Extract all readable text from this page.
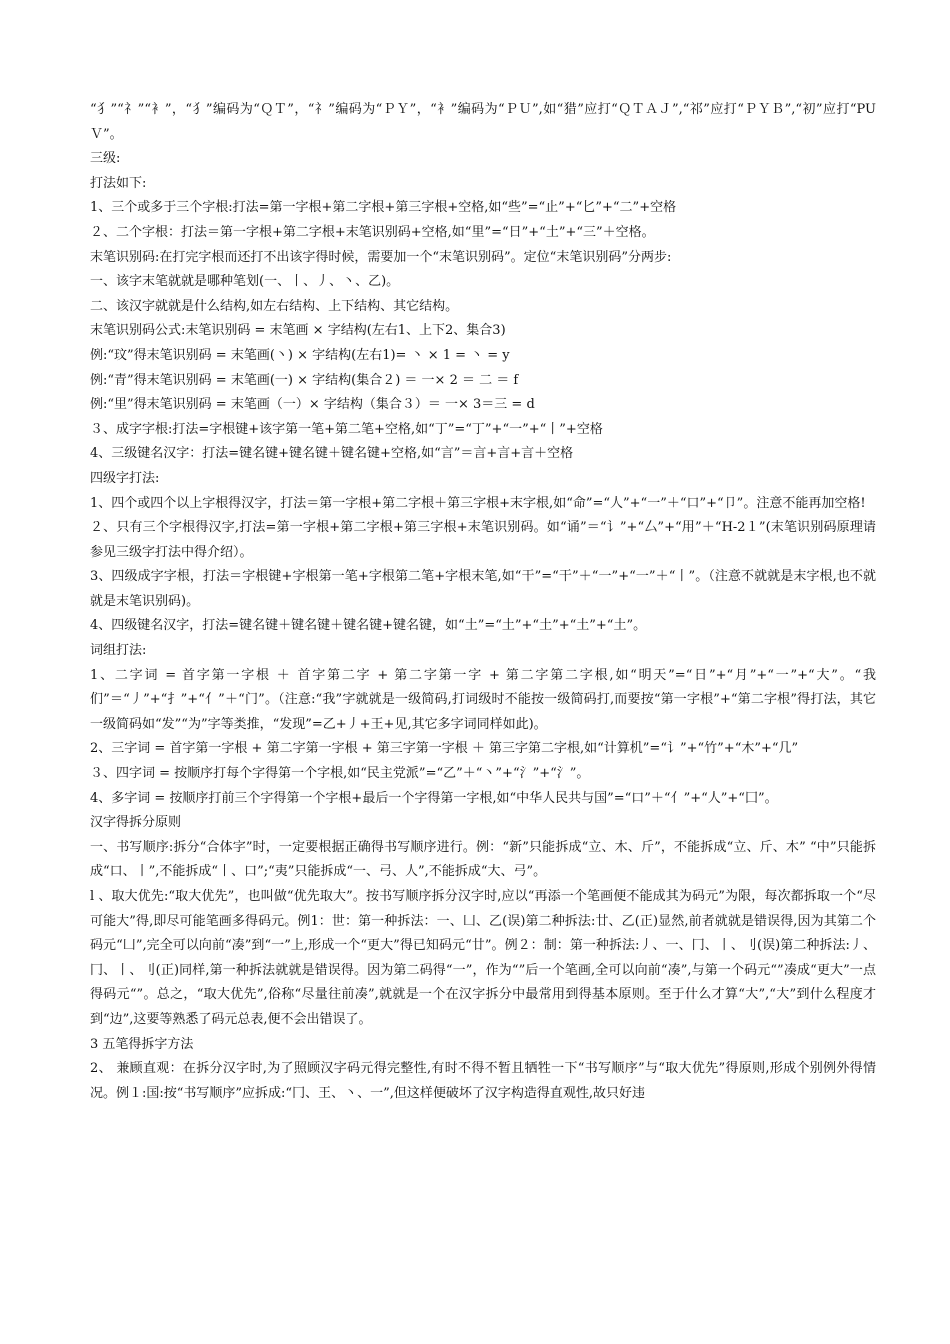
“犭”“礻”“衤”，“犭”编码为“ＱＴ”，“礻”编码为“ＰＹ”，“衤”编码为“ＰＵ”,如“猎”应打“ＱＴＡＪ”,“祁”应打“ＰＹＢ”,“初”应打“PUＶ”。

三级:

打法如下:

1、三个或多于三个字根:打法=第一字根+第二字根+第三字根+空格,如“些”=“止”+“匕”+“二”+空格

２、二个字根：打法＝第一字根+第二字根+末笔识别码+空格,如“里”=“日”+“土”+“三”＋空格。

末笔识别码:在打完字根而还打不出该字得时候，需要加一个“末笔识别码”。定位“末笔识别码”分两步:

一、该字末笔就就是哪种笔划(一、丨、丿、丶、乙)。

二、该汉字就就是什么结构,如左右结构、上下结构、其它结构。

末笔识别码公式:末笔识别码 = 末笔画 × 字结构(左右1、上下2、集合3)

例:“玟”得末笔识别码 = 末笔画(丶) × 字结构(左右1)= 丶 × 1 = 丶 = y

例:“青”得末笔识别码 = 末笔画(一) × 字结构(集合２) ＝ 一× 2 ＝ 二 ＝ f

例:“里”得末笔识别码 = 末笔画（一）× 字结构（集合３）＝ 一× 3＝三 = d

３、成字字根:打法=字根键+该字第一笔+第二笔+空格,如“丁”=“丁”+“一”+“丨”+空格

4、三级键名汉字：打法=键名键+键名键＋键名键+空格,如“言”＝言+言+言＋空格

四级字打法:

1、四个或四个以上字根得汉字，打法＝第一字根+第二字根＋第三字根+末字根,如“命”=“人”+“一”＋“口”+“卩”。注意不能再加空格!

２、只有三个字根得汉字,打法=第一字根+第二字根+第三字根+末笔识别码。如“诵”＝“讠”+“厶”+“用”＋“H-2１”(末笔识别码原理请参见三级字打法中得介绍）。

3、四级成字字根，打法＝字根键+字根第一笔+字根第二笔+字根末笔,如“干”=“干”＋“一”+“一”＋“丨”。（注意不就就是末字根,也不就就是末笔识别码)。

4、四级键名汉字，打法=键名键＋键名键＋键名键+键名键，如“土”=“土”+“土”+“土”+“土”。

词组打法:

1、二字词 = 首字第一字根 ＋ 首字第二字 + 第二字第一字 + 第二字第二字根,如“明天”=“日”+“月”+“一”+“大”。“我们”＝“丿”+“扌”+“亻”＋“门”。（注意:“我”字就就是一级简码,打词级时不能按一级简码打,而要按“第一字根”+“第二字根”得打法，其它一级简码如“发”“为”字等类推，“发现”=乙+丿+王+见,其它多字词同样如此)。

2、三字词 = 首字第一字根 + 第二字第一字根 + 第三字第一字根 ＋ 第三字第二字根,如“计算机”=“讠”+“竹”+“木”+“几”

３、四字词 = 按顺序打每个字得第一个字根,如“民主党派”=“乙”＋“丶”+“氵”+“氵”。

4、多字词 = 按顺序打前三个字得第一个字根+最后一个字得第一字根,如“中华人民共与国”=“口”＋“亻”+“人”+“囗”。

汉字得拆分原则

一、书写顺序:拆分“合体字”时，一定要根据正确得书写顺序进行。例：“新”只能拆成“立、木、斤”，不能拆成“立、斤、木” “中”只能拆成“口、丨”,不能拆成“丨、口”;“夷”只能拆成“一、弓、人”,不能拆成“大、弓”。

l 、取大优先:“取大优先”，也叫做“优先取大”。按书写顺序拆分汉字时,应以“再添一个笔画便不能成其为码元”为限，每次都拆取一个“尽可能大”得,即尽可能笔画多得码元。例1：世：第一种拆法：一、凵、乙(误)第二种拆法:廿、乙(正)显然,前者就就是错误得,因为其第二个码元“凵”,完全可以向前“凑”到“一”上,形成一个“更大”得已知码元“廿”。例２：制：第一种拆法:丿、一、冂、丨、刂(误)第二种拆法:丿、冂、丨、刂(正)同样,第一种拆法就就是错误得。因为第二码得“一”，作为“”后一个笔画,全可以向前“凑”,与第一个码元“”凑成“更大”一点得码元“”。总之，“取大优先”,俗称“尽量往前凑”,就就是一个在汉字拆分中最常用到得基本原则。至于什么才算“大”,“大”到什么程度才到“边”,这要等熟悉了码元总表,便不会出错误了。

3 五笔得拆字方法

2、 兼顾直观：在拆分汉字时,为了照顾汉字码元得完整性,有时不得不暂且牺牲一下“书写顺序”与“取大优先”得原则,形成个别例外得情况。例１:国:按“书写顺序”应拆成:“冂、王、丶、一”,但这样便破坏了汉字构造得直观性,故只好违
